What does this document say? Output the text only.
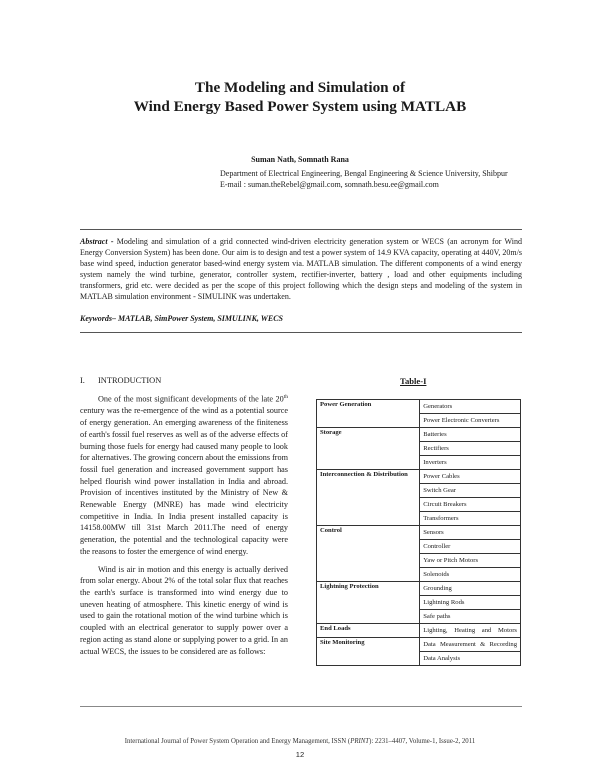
The Modeling and Simulation of
Wind Energy Based Power System using MATLAB
Suman Nath, Somnath Rana
Department of Electrical Engineering, Bengal Engineering & Science University, Shibpur
E-mail : suman.theRebel@gmail.com, somnath.besu.ee@gmail.com
Abstract - Modeling and simulation of a grid connected wind-driven electricity generation system or WECS (an acronym for Wind Energy Conversion System) has been done. Our aim is to design and test a power system of 14.9 KVA capacity, operating at 440V, 20m/s base wind speed, induction generator based-wind energy system via. MATLAB simulation. The different components of a wind energy system namely the wind turbine, generator, controller system, rectifier-inverter, battery , load and other equipments including transformers, grid etc. were decided as per the scope of this project following which the design steps and modeling of the system in MATLAB simulation environment - SIMULINK was undertaken.
Keywords– MATLAB, SimPower System, SIMULINK, WECS
I. INTRODUCTION

One of the most significant developments of the late 20th century was the re-emergence of the wind as a potential source of energy generation. An emerging awareness of the finiteness of earth's fossil fuel reserves as well as of the adverse effects of burning those fuels for energy had caused many people to look for alternatives. The growing concern about the emissions from fossil fuel generation and increased government support has helped flourish wind power installation in India and abroad. Provision of incentives instituted by the Ministry of New & Renewable Energy (MNRE) has made wind electricity competitive in India. In India present installed capacity is 14158.00MW till 31st March 2011.The need of energy generation, the potential and the technological capacity were the reasons to foster the emergence of wind energy.

Wind is air in motion and this energy is actually derived from solar energy. About 2% of the total solar flux that reaches the earth's surface is transformed into wind energy due to uneven heating of atmosphere. This kinetic energy of wind is used to gain the rotational motion of the wind turbine which is coupled with an electrical generator to supply power over a region acting as stand alone or supplying power to a grid. In an actual WECS, the issues to be considered are as follows:

Table-I
Power Generation	Generators
	Power Electronic Converters
Storage	Batteries
	Rectifiers
	Inverters
Interconnection & Distribution	Power Cables
	Switch Gear
	Circuit Breakers
	Transformers
Control	Sensors
	Controller
	Yaw or Pitch Motors
	Solenoids
Lightning Protection	Grounding
	Lightning Rods
	Safe paths
End Loads	Lighting, Heating and Motors
Site Monitoring	Data Measurement & Recording
	Data Analysis
International Journal of Power System Operation and Energy Management, ISSN (PRINT): 2231–4407, Volume-1, Issue-2, 2011
12
